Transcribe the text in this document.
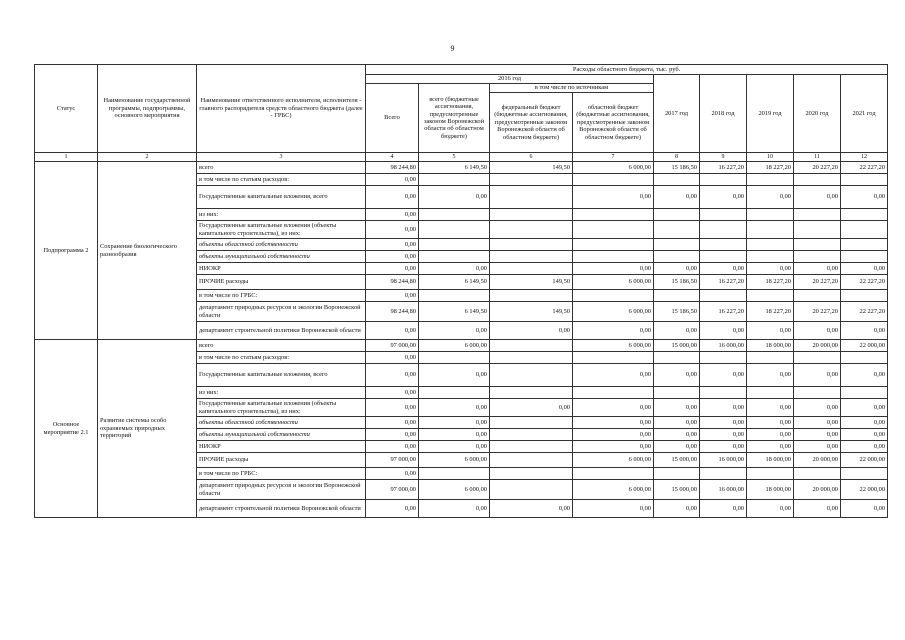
9
Статус	Наименование государственной программы, подпрограммы, основного мероприятия	Наименование ответственного исполнителя, исполнителя - главного распорядителя средств областного бюджета (далее - ГРБС)	Расходы областного бюджета, тыс. руб.								
			2016 год				2017 год	2018 год	2019 год	2020 год	2021 год
			Всего	всего (бюджетные ассигнования, предусмотренные законом Воронежской области об областном бюджете)	в том числе по источникам						
					федеральный бюджет (бюджетные ассигнования, предусмотренные законом Воронежской области об областном бюджете)	областной бюджет (бюджетные ассигнования, предусмотренные законом Воронежской области об областном бюджете)					
1	2	3	4	5	6	7	8	9	10	11	12
Подпрограмма 2	Сохранение биологического разнообразия	всего	98 244,80	6 149,50	149,50	6 000,00	15 186,50	16 227,20	18 227,20	20 227,20	22 227,20
		в том числе по статьям расходов:	0,00								
		Государственные капитальные вложения, всего	0,00	0,00		0,00	0,00	0,00	0,00	0,00	0,00
		из них:	0,00								
		Государственные капитальные вложения (объекты капитального строительства), из них:	0,00								
		объекты областной собственности	0,00								
		объекты муниципальной собственности	0,00								
		НИОКР	0,00	0,00		0,00	0,00	0,00	0,00	0,00	0,00
		ПРОЧИЕ расходы	98 244,80	6 149,50	149,50	6 000,00	15 186,50	16 227,20	18 227,20	20 227,20	22 227,20
		в том числе по ГРБС:	0,00								
		департамент природных ресурсов и экологии Воронежской области	98 244,80	6 149,50	149,50	6 000,00	15 186,50	16 227,20	18 227,20	20 227,20	22 227,20
		департамент строительной политики Воронежской области	0,00	0,00	0,00	0,00	0,00	0,00	0,00	0,00	0,00
Основное мероприятие 2.1	Развитие системы особо охраняемых природных территорий	всего	97 000,00	6 000,00		6 000,00	15 000,00	16 000,00	18 000,00	20 000,00	22 000,00
		в том числе по статьям расходов:	0,00								
		Государственные капитальные вложения, всего	0,00	0,00		0,00	0,00	0,00	0,00	0,00	0,00
		из них:	0,00								
		Государственные капитальные вложения (объекты капитального строительства), из них:	0,00	0,00	0,00	0,00	0,00	0,00	0,00	0,00	0,00
		объекты областной собственности	0,00	0,00		0,00	0,00	0,00	0,00	0,00	0,00
		объекты муниципальной собственности	0,00	0,00		0,00	0,00	0,00	0,00	0,00	0,00
		НИОКР	0,00	0,00		0,00	0,00	0,00	0,00	0,00	0,00
		ПРОЧИЕ расходы	97 000,00	6 000,00		6 000,00	15 000,00	16 000,00	18 000,00	20 000,00	22 000,00
		в том числе по ГРБС:	0,00								
		департамент природных ресурсов и экологии Воронежской области	97 000,00	6 000,00		6 000,00	15 000,00	16 000,00	18 000,00	20 000,00	22 000,00
		департамент строительной политики Воронежской области	0,00	0,00	0,00	0,00	0,00	0,00	0,00	0,00	0,00
